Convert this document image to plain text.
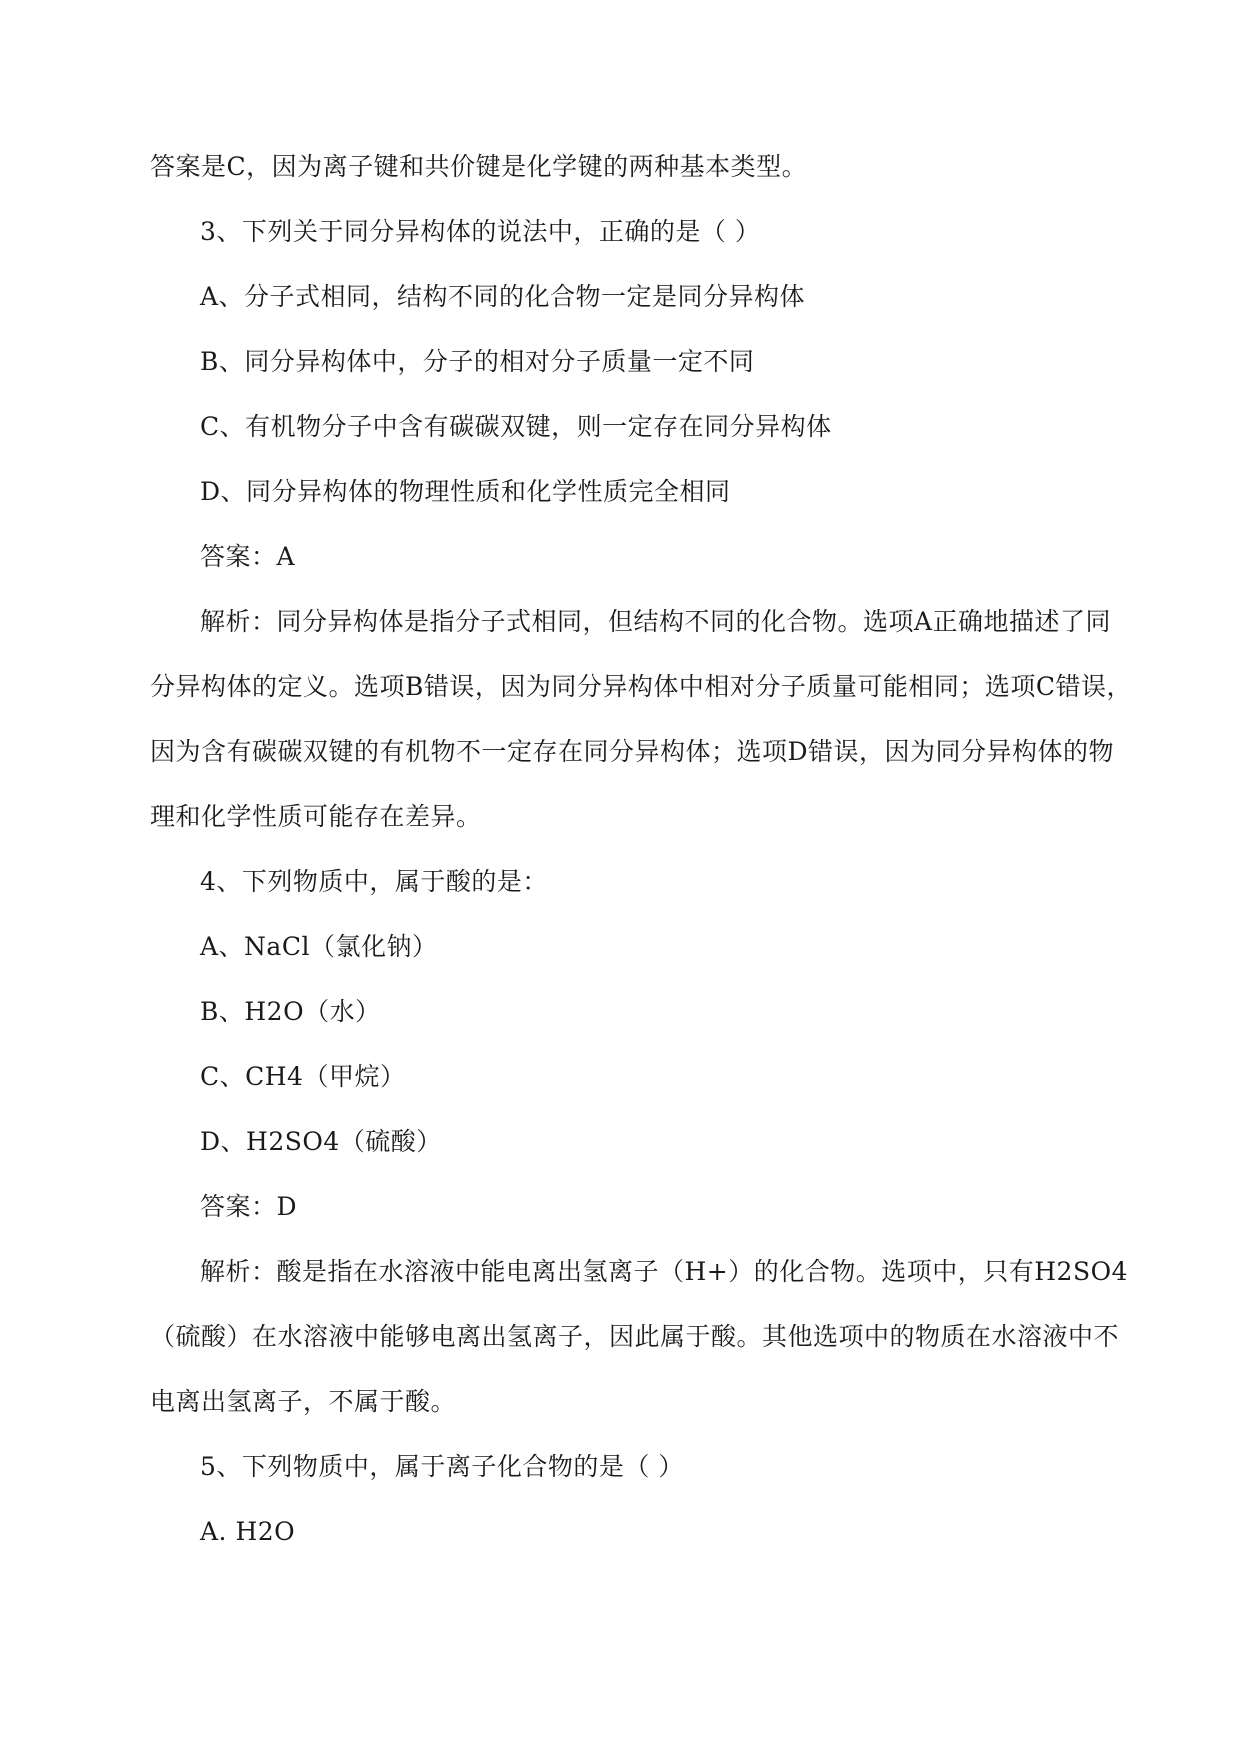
答案是C，因为离子键和共价键是化学键的两种基本类型。
3、下列关于同分异构体的说法中，正确的是（ ）
A、分子式相同，结构不同的化合物一定是同分异构体
B、同分异构体中，分子的相对分子质量一定不同
C、有机物分子中含有碳碳双键，则一定存在同分异构体
D、同分异构体的物理性质和化学性质完全相同
答案：A
解析：同分异构体是指分子式相同，但结构不同的化合物。选项A正确地描述了同
分异构体的定义。选项B错误，因为同分异构体中相对分子质量可能相同；选项C错误，
因为含有碳碳双键的有机物不一定存在同分异构体；选项D错误，因为同分异构体的物
理和化学性质可能存在差异。
4、下列物质中，属于酸的是：
A、NaCl（氯化钠）
B、H2O（水）
C、CH4（甲烷）
D、H2SO4（硫酸）
答案：D
解析：酸是指在水溶液中能电离出氢离子（H+）的化合物。选项中，只有H2SO4
（硫酸）在水溶液中能够电离出氢离子，因此属于酸。其他选项中的物质在水溶液中不
电离出氢离子，不属于酸。
5、下列物质中，属于离子化合物的是（ ）
A. H2O
